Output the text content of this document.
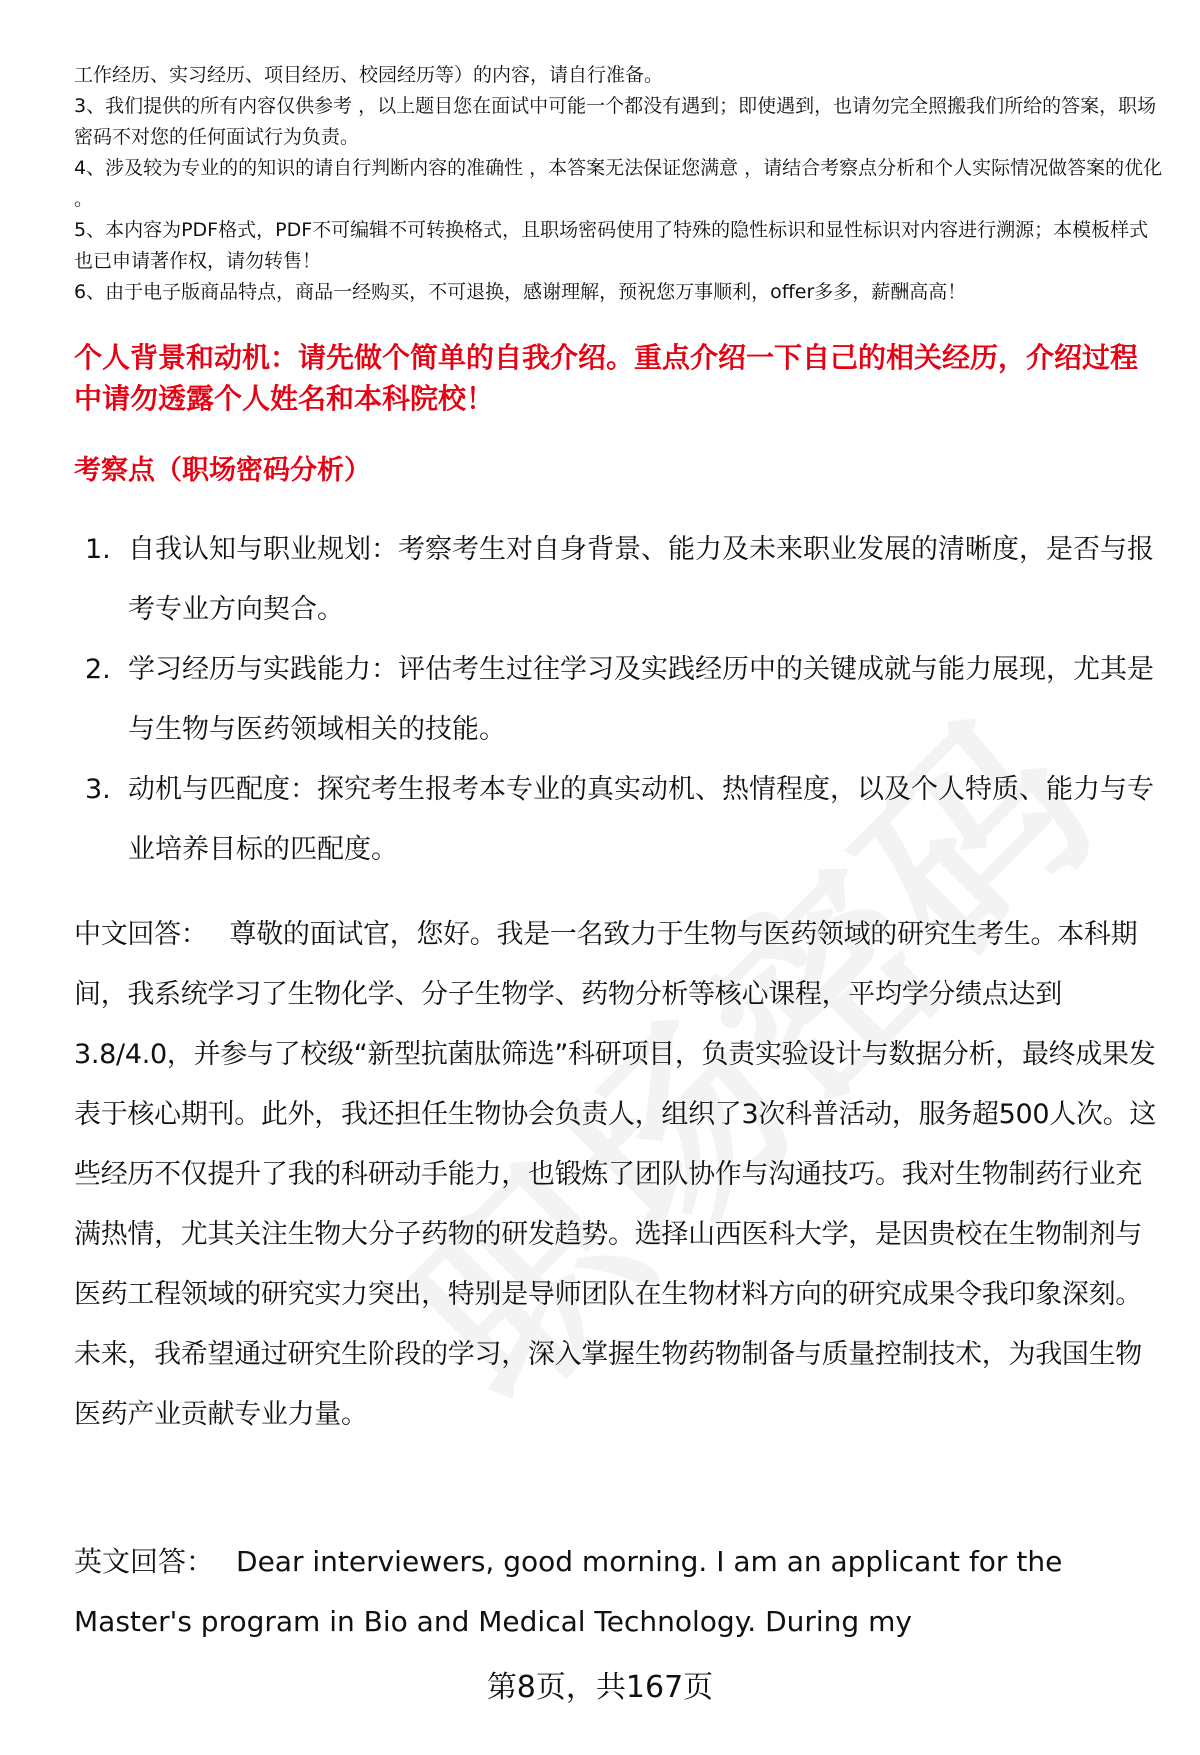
工作经历、实习经历、项目经历、校园经历等）的内容，请自行准备。

3、我们提供的所有内容仅供参考 ，以上题目您在面试中可能一个都没有遇到；即使遇到，也请勿完全照搬我们所给的答案，职场密码不对您的任何面试行为负责。

4、涉及较为专业的的知识的请自行判断内容的准确性 ，本答案无法保证您满意 ，请结合考察点分析和个人实际情况做答案的优化 。

5、本内容为PDF格式，PDF不可编辑不可转换格式，且职场密码使用了特殊的隐性标识和显性标识对内容进行溯源；本模板样式也已申请著作权，请勿转售！

6、由于电子版商品特点，商品一经购买，不可退换，感谢理解，预祝您万事顺利，offer多多，薪酬高高！

个人背景和动机：请先做个简单的自我介绍。重点介绍一下自己的相关经历，介绍过程中请勿透露个人姓名和本科院校！
考察点（职场密码分析）
1. 自我认知与职业规划：考察考生对自身背景、能力及未来职业发展的清晰度，是否与报考专业方向契合。
2. 学习经历与实践能力：评估考生过往学习及实践经历中的关键成就与能力展现，尤其是与生物与医药领域相关的技能。
3. 动机与匹配度：探究考生报考本专业的真实动机、热情程度，以及个人特质、能力与专业培养目标的匹配度。

中文回答： 尊敬的面试官，您好。我是一名致力于生物与医药领域的研究生考生。本科期间，我系统学习了生物化学、分子生物学、药物分析等核心课程，平均学分绩点达到3.8/4.0，并参与了校级“新型抗菌肽筛选”科研项目，负责实验设计与数据分析，最终成果发表于核心期刊。此外，我还担任生物协会负责人，组织了3次科普活动，服务超500人次。这些经历不仅提升了我的科研动手能力，也锻炼了团队协作与沟通技巧。我对生物制药行业充满热情，尤其关注生物大分子药物的研发趋势。选择山西医科大学，是因贵校在生物制剂与医药工程领域的研究实力突出，特别是导师团队在生物材料方向的研究成果令我印象深刻。未来，我希望通过研究生阶段的学习，深入掌握生物药物制备与质量控制技术，为我国生物医药产业贡献专业力量。

英文回答： Dear interviewers, good morning. I am an applicant for the Master's program in Bio and Medical Technology. During my

第8页，共167页
